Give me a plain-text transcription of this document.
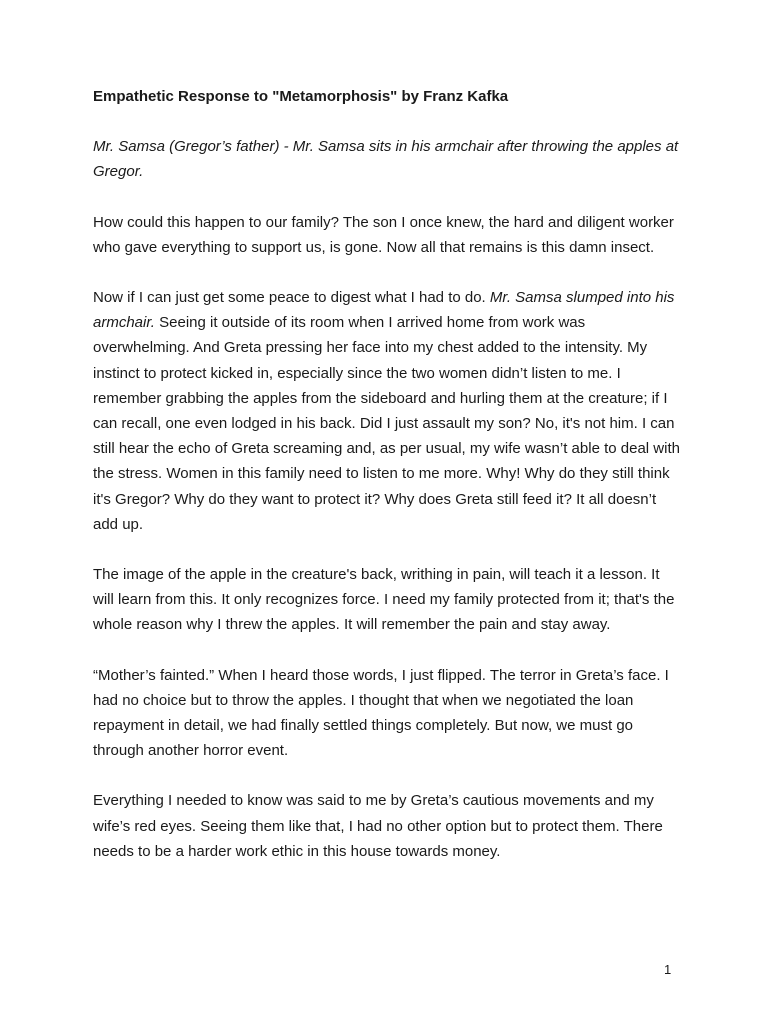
Empathetic Response to "Metamorphosis" by Franz Kafka
Mr. Samsa (Gregor’s father) - Mr. Samsa sits in his armchair after throwing the apples at Gregor.
How could this happen to our family? The son I once knew, the hard and diligent worker who gave everything to support us, is gone. Now all that remains is this damn insect.
Now if I can just get some peace to digest what I had to do. Mr. Samsa slumped into his armchair. Seeing it outside of its room when I arrived home from work was overwhelming. And Greta pressing her face into my chest added to the intensity. My instinct to protect kicked in, especially since the two women didn’t listen to me. I remember grabbing the apples from the sideboard and hurling them at the creature; if I can recall, one even lodged in his back. Did I just assault my son? No, it's not him. I can still hear the echo of Greta screaming and, as per usual, my wife wasn’t able to deal with the stress. Women in this family need to listen to me more. Why! Why do they still think it's Gregor? Why do they want to protect it? Why does Greta still feed it? It all doesn’t add up.
The image of the apple in the creature's back, writhing in pain, will teach it a lesson. It will learn from this. It only recognizes force. I need my family protected from it; that's the whole reason why I threw the apples. It will remember the pain and stay away.
“Mother’s fainted.” When I heard those words, I just flipped. The terror in Greta’s face. I had no choice but to throw the apples. I thought that when we negotiated the loan repayment in detail, we had finally settled things completely. But now, we must go through another horror event.
Everything I needed to know was said to me by Greta’s cautious movements and my wife’s red eyes. Seeing them like that, I had no other option but to protect them. There needs to be a harder work ethic in this house towards money.
1
